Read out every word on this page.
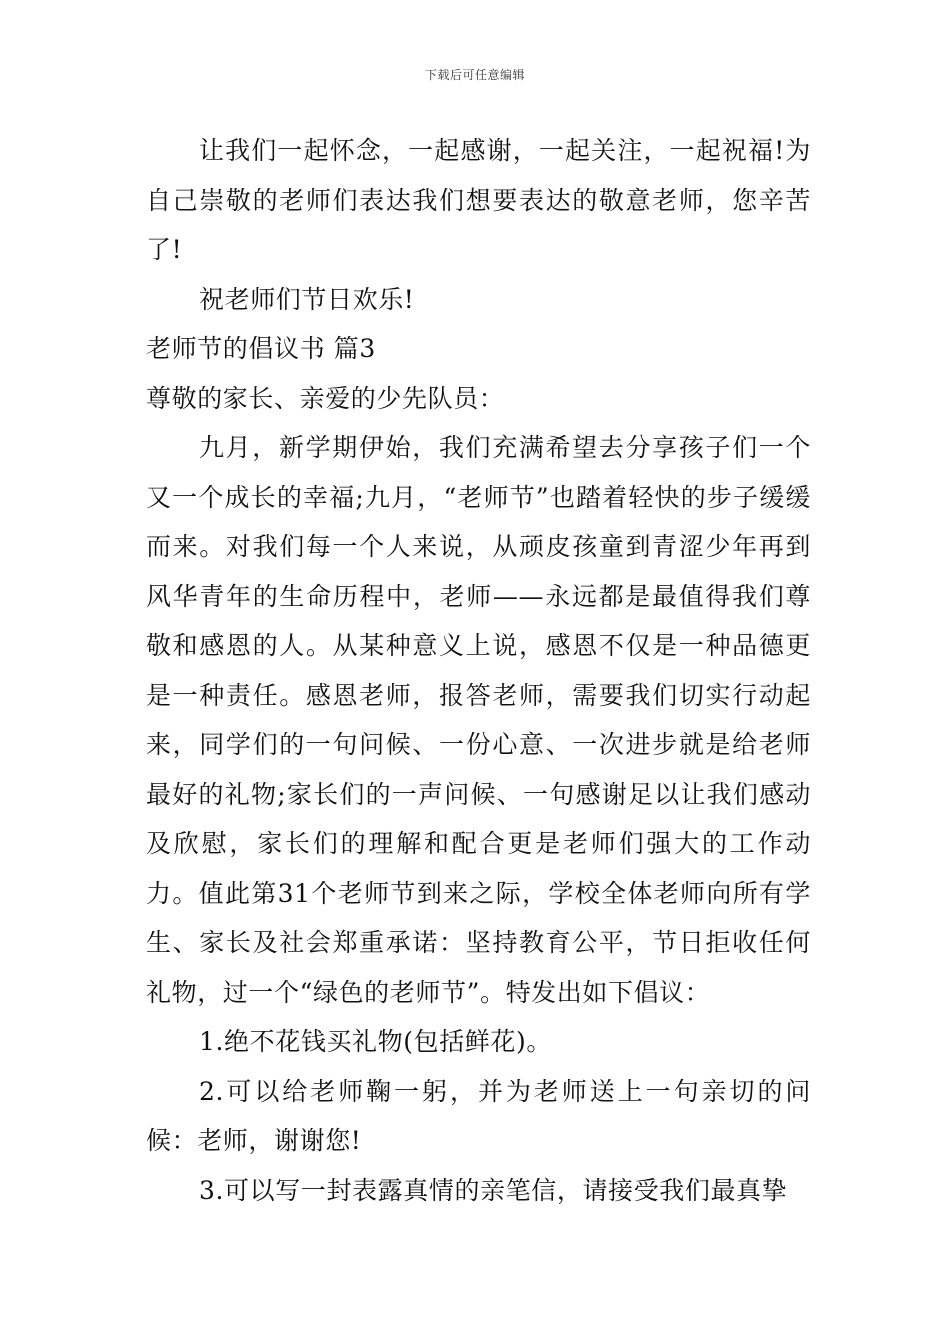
下载后可任意编辑

让我们一起怀念，一起感谢，一起关注，一起祝福!为自己崇敬的老师们表达我们想要表达的敬意老师，您辛苦了!

祝老师们节日欢乐!

老师节的倡议书 篇3

尊敬的家长、亲爱的少先队员：

九月，新学期伊始，我们充满希望去分享孩子们一个又一个成长的幸福;九月，“老师节”也踏着轻快的步子缓缓而来。对我们每一个人来说，从顽皮孩童到青涩少年再到风华青年的生命历程中，老师——永远都是最值得我们尊敬和感恩的人。从某种意义上说，感恩不仅是一种品德更是一种责任。感恩老师，报答老师，需要我们切实行动起来，同学们的一句问候、一份心意、一次进步就是给老师最好的礼物;家长们的一声问候、一句感谢足以让我们感动及欣慰，家长们的理解和配合更是老师们强大的工作动力。值此第31个老师节到来之际，学校全体老师向所有学生、家长及社会郑重承诺：坚持教育公平，节日拒收任何礼物，过一个“绿色的老师节”。特发出如下倡议：

1.绝不花钱买礼物(包括鲜花)。

2.可以给老师鞠一躬，并为老师送上一句亲切的问候：老师，谢谢您!

3.可以写一封表露真情的亲笔信，请接受我们最真挚
